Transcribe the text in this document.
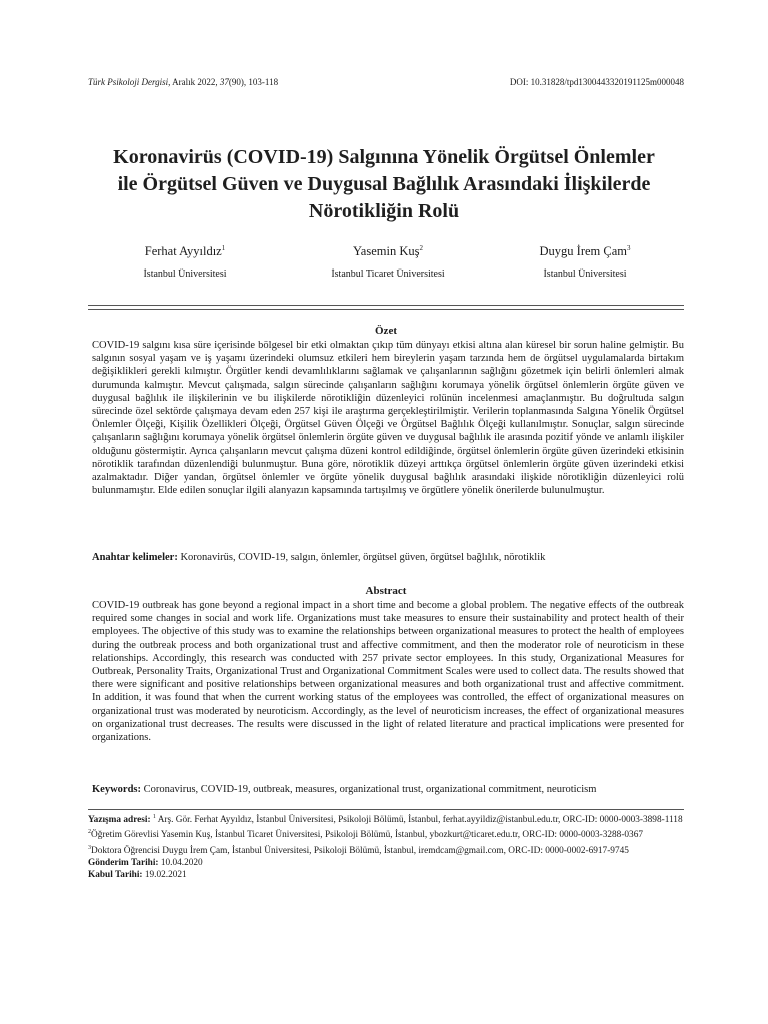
Türk Psikoloji Dergisi, Aralık 2022, 37(90), 103-118	DOI: 10.31828/tpd1300443320191125m000048
Koronavirüs (COVID-19) Salgınına Yönelik Örgütsel Önlemler
ile Örgütsel Güven ve Duygusal Bağlılık Arasındaki İlişkilerde
Nörotikliğin Rolü
Ferhat Ayyıldız$^1$
İstanbul Üniversitesi
Yasemin Kuş$^2$
İstanbul Ticaret Üniversitesi
Duygu İrem Çam$^3$
İstanbul Üniversitesi
Özet
COVID-19 salgını kısa süre içerisinde bölgesel bir etki olmaktan çıkıp tüm dünyayı etkisi altına alan küresel bir sorun haline gelmiştir. Bu salgının sosyal yaşam ve iş yaşamı üzerindeki olumsuz etkileri hem bireylerin yaşam tarzında hem de örgütsel uygulamalarda birtakım değişiklikleri gerekli kılmıştır. Örgütler kendi devamlılıklarını sağlamak ve çalışanlarının sağlığını gözetmek için belirli önlemleri almak durumunda kalmıştır. Mevcut çalışmada, salgın sürecinde çalışanların sağlığını korumaya yönelik örgütsel önlemlerin örgüte güven ve duygusal bağlılık ile ilişkilerinin ve bu ilişkilerde nörotikliğin düzenleyici rolünün incelenmesi amaçlanmıştır. Bu doğrultuda salgın sürecinde özel sektörde çalışmaya devam eden 257 kişi ile araştırma gerçekleştirilmiştir. Verilerin toplanmasında Salgına Yönelik Örgütsel Önlemler Ölçeği, Kişilik Özellikleri Ölçeği, Örgütsel Güven Ölçeği ve Örgütsel Bağlılık Ölçeği kullanılmıştır. Sonuçlar, salgın sürecinde çalışanların sağlığını korumaya yönelik örgütsel önlemlerin örgüte güven ve duygusal bağlılık ile arasında pozitif yönde ve anlamlı ilişkiler olduğunu göstermiştir. Ayrıca çalışanların mevcut çalışma düzeni kontrol edildiğinde, örgütsel önlemlerin örgüte güven üzerindeki etkisinin nörotiklik tarafından düzenlendiği bulunmuştur. Buna göre, nörotiklik düzeyi arttıkça örgütsel önlemlerin örgüte güven üzerindeki etkisi azalmaktadır. Diğer yandan, örgütsel önlemler ve örgüte yönelik duygusal bağlılık arasındaki ilişkide nörotikliğin düzenleyici rolü bulunmamıştır. Elde edilen sonuçlar ilgili alanyazın kapsamında tartışılmış ve örgütlere yönelik önerilerde bulunulmuştur.
Anahtar kelimeler: Koronavirüs, COVID-19, salgın, önlemler, örgütsel güven, örgütsel bağlılık, nörotiklik
Abstract
COVID-19 outbreak has gone beyond a regional impact in a short time and become a global problem. The negative effects of the outbreak required some changes in social and work life. Organizations must take measures to ensure their sustainability and protect health of their employees. The objective of this study was to examine the relationships between organizational measures to protect the health of employees during the outbreak process and both organizational trust and affective commitment, and then the moderator role of neuroticism in these relationships. Accordingly, this research was conducted with 257 private sector employees. In this study, Organizational Measures for Outbreak, Personality Traits, Organizational Trust and Organizational Commitment Scales were used to collect data. The results showed that there were significant and positive relationships between organizational measures and both organizational trust and affective commitment. In addition, it was found that when the current working status of the employees was controlled, the effect of organizational measures on organizational trust was moderated by neuroticism. Accordingly, as the level of neuroticism increases, the effect of organizational measures on organizational trust decreases. The results were discussed in the light of related literature and practical implications were presented for organizations.
Keywords: Coronavirus, COVID-19, outbreak, measures, organizational trust, organizational commitment, neuroticism

Yazışma adresi: $^1$ Arş. Gör. Ferhat Ayyıldız, İstanbul Üniversitesi, Psikoloji Bölümü, İstanbul, ferhat.ayyildiz@istanbul.edu.tr, ORC-ID: 0000-0003-3898-1118

$^2$Öğretim Görevlisi Yasemin Kuş, İstanbul Ticaret Üniversitesi, Psikoloji Bölümü, İstanbul, ybozkurt@ticaret.edu.tr, ORC-ID: 0000-0003-3288-0367

$^3$Doktora Öğrencisi Duygu İrem Çam, İstanbul Üniversitesi, Psikoloji Bölümü, İstanbul, iremdcam@gmail.com, ORC-ID: 0000-0002-6917-9745

Gönderim Tarihi: 10.04.2020

Kabul Tarihi: 19.02.2021
